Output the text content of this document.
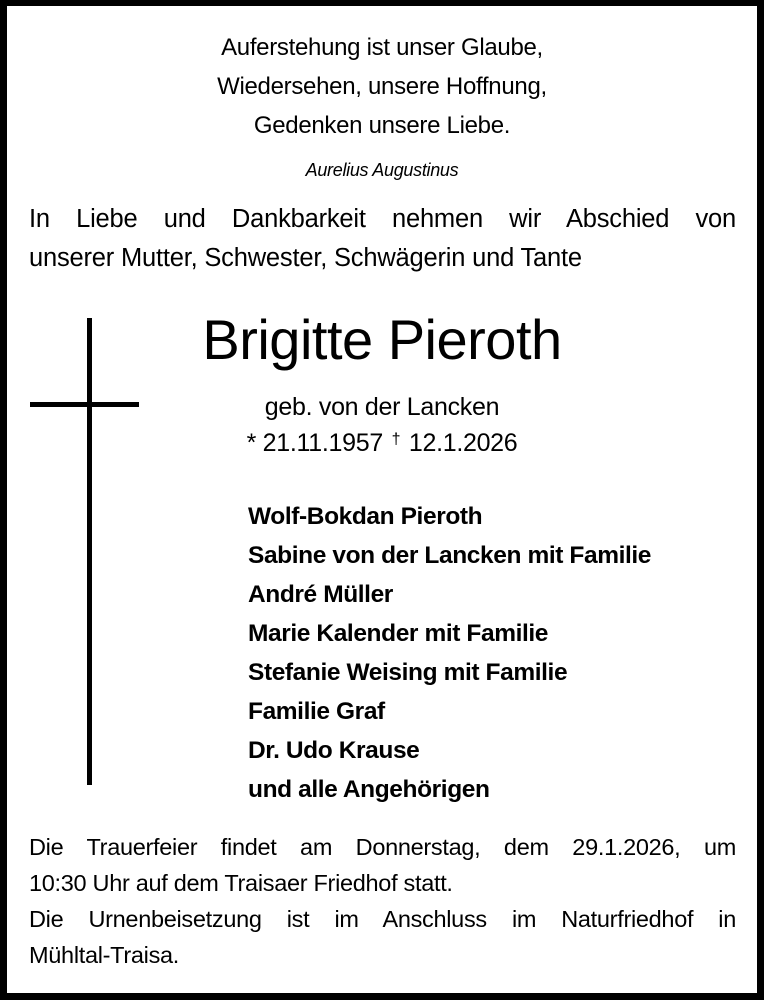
Auferstehung ist unser Glaube,
Wiedersehen, unsere Hoffnung,
Gedenken unsere Liebe.
Aurelius Augustinus
In Liebe und Dankbarkeit nehmen wir Abschied von
unserer Mutter, Schwester, Schwägerin und Tante
Brigitte Pieroth
geb. von der Lancken
* 21.11.1957 † 12.1.2026
Wolf-Bokdan Pieroth
Sabine von der Lancken mit Familie
André Müller
Marie Kalender mit Familie
Stefanie Weising mit Familie
Familie Graf
Dr. Udo Krause
und alle Angehörigen
Die Trauerfeier findet am Donnerstag, dem 29.1.2026, um
10:30 Uhr auf dem Traisaer Friedhof statt.
Die Urnenbeisetzung ist im Anschluss im Naturfriedhof in
Mühltal-Traisa.
